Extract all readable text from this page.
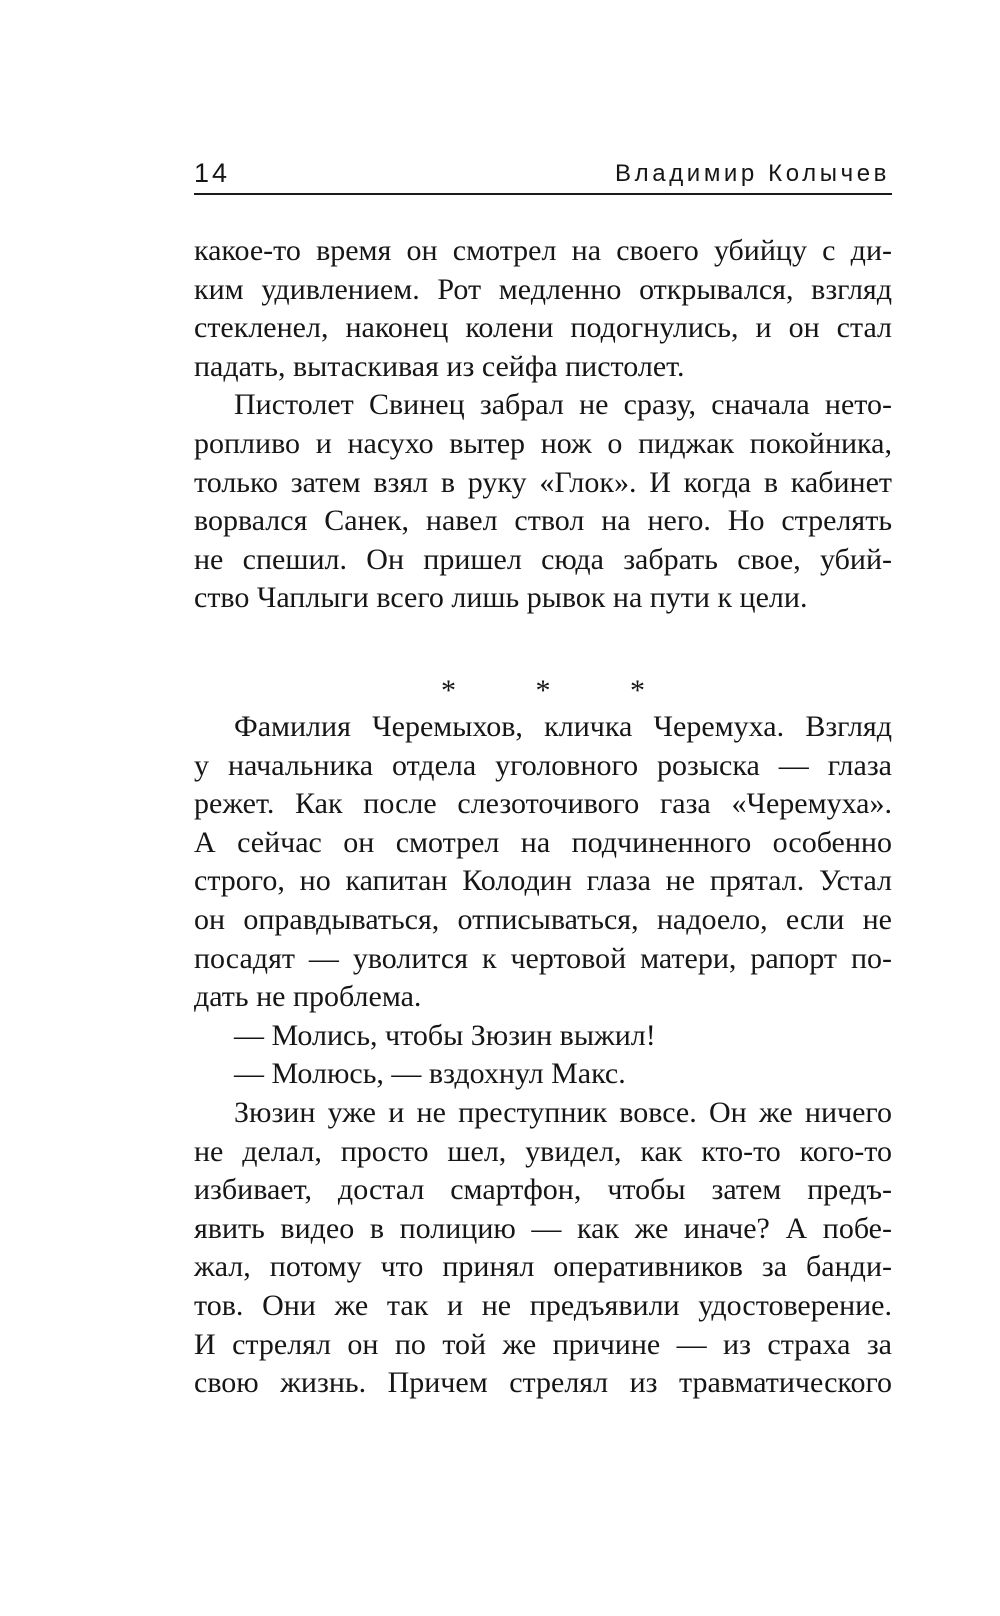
14	Владимир Колычев
какое-то время он смотрел на своего убийцу с ди-
ким удивлением. Рот медленно открывался, взгляд
стекленел, наконец колени подогнулись, и он стал
падать, вытаскивая из сейфа пистолет.
Пистолет Свинец забрал не сразу, сначала нето-
ропливо и насухо вытер нож о пиджак покойника,
только затем взял в руку «Глок». И когда в кабинет
ворвался Санек, навел ствол на него. Но стрелять
не спешил. Он пришел сюда забрать свое, убий-
ство Чаплыги всего лишь рывок на пути к цели.
* * *
Фамилия Черемыхов, кличка Черемуха. Взгляд
у начальника отдела уголовного розыска — глаза
режет. Как после слезоточивого газа «Черемуха».
А сейчас он смотрел на подчиненного особенно
строго, но капитан Колодин глаза не прятал. Устал
он оправдываться, отписываться, надоело, если не
посадят — уволится к чертовой матери, рапорт по-
дать не проблема.
— Молись, чтобы Зюзин выжил!
— Молюсь, — вздохнул Макс.
Зюзин уже и не преступник вовсе. Он же ничего
не делал, просто шел, увидел, как кто-то кого-то
избивает, достал смартфон, чтобы затем предъ-
явить видео в полицию — как же иначе? А побе-
жал, потому что принял оперативников за банди-
тов. Они же так и не предъявили удостоверение.
И стрелял он по той же причине — из страха за
свою жизнь. Причем стрелял из травматического
